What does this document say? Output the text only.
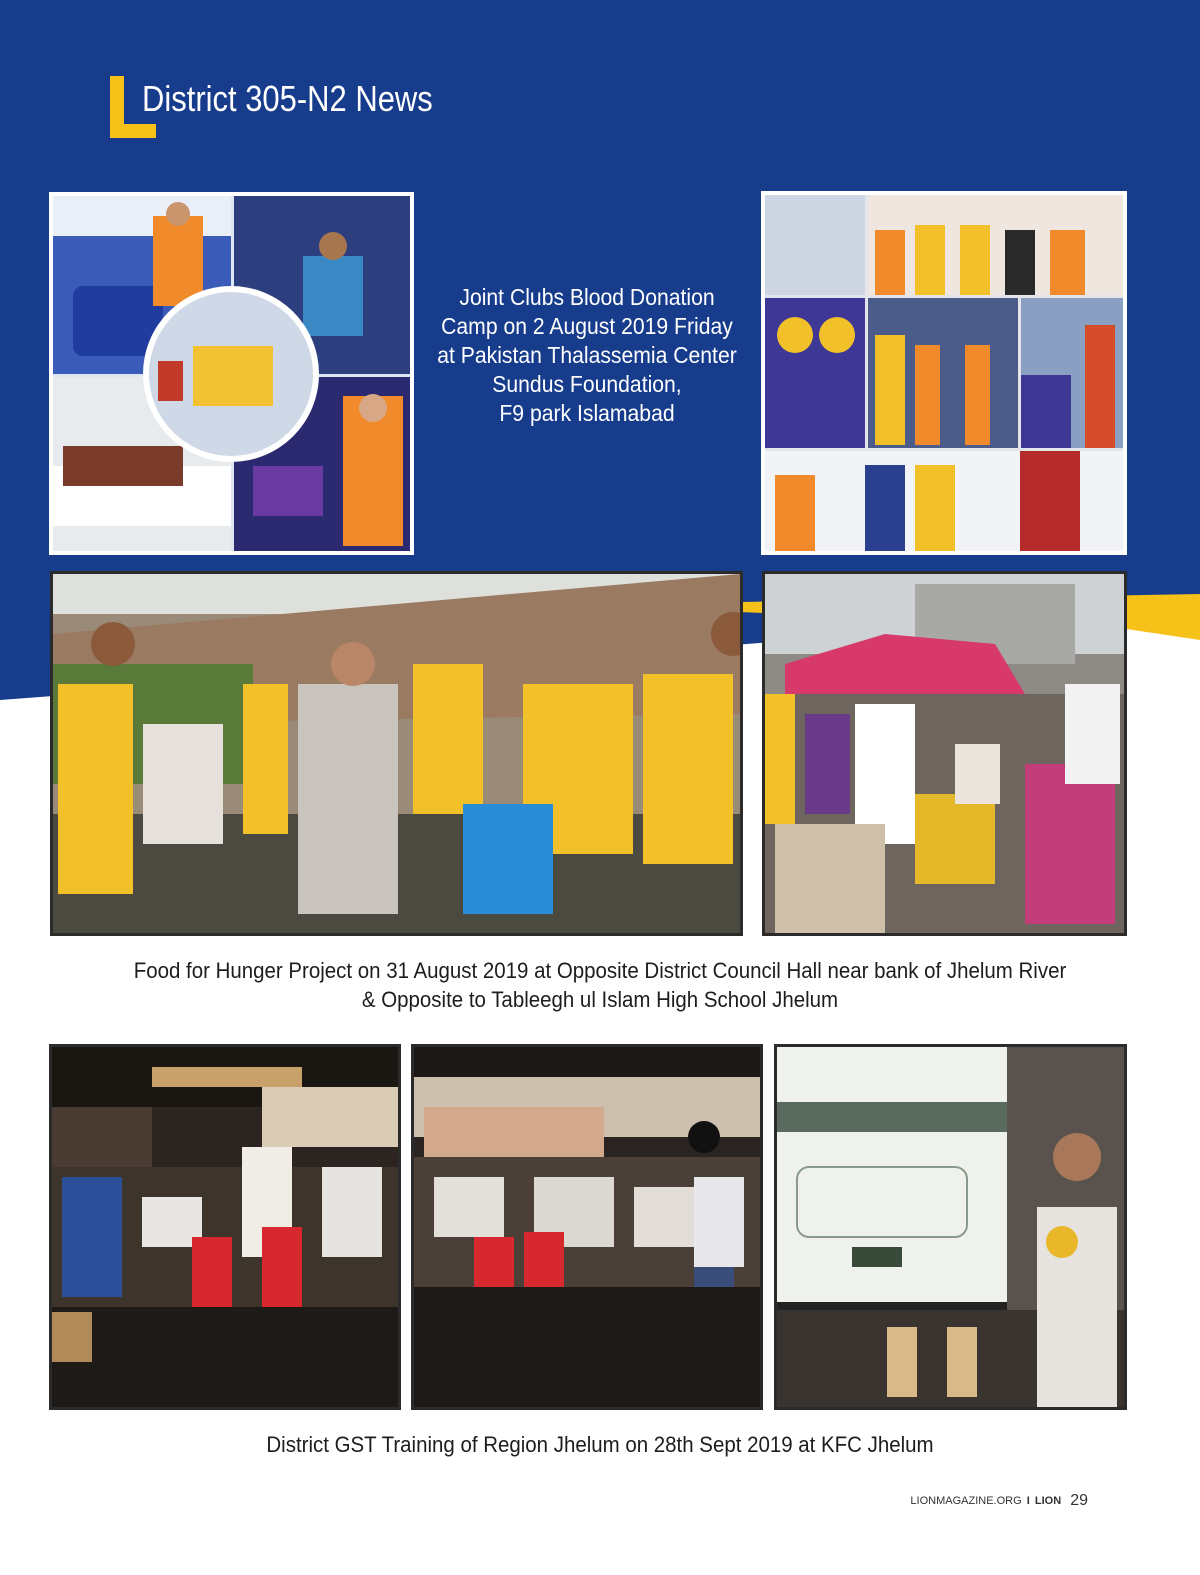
District 305-N2 News
Joint Clubs Blood Donation
Camp on 2 August 2019 Friday
at Pakistan Thalassemia Center
Sundus Foundation,
F9 park Islamabad
Food for Hunger Project on 31 August 2019 at Opposite District Council Hall near bank of Jhelum River
& Opposite to Tableegh ul Islam High School Jhelum
District GST Training of Region Jhelum on 28th Sept 2019 at KFC Jhelum
LIONMAGAZINE.ORG I LION 29
